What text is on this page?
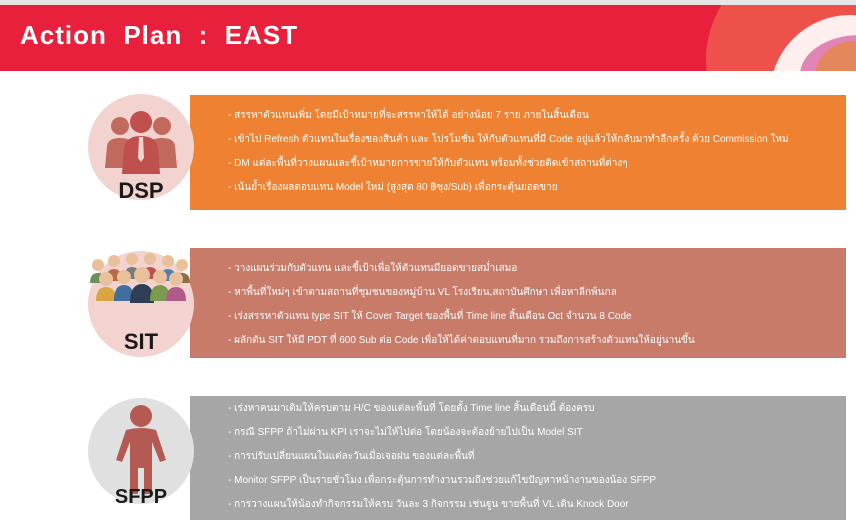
Action  Plan  :  EAST
- สรรหาตัวแทนเพิ่ม โดยมีเป้าหมายที่จะสรรหาให้ได้ อย่างน้อย 7 ราย ภายในสิ้นเดือน
- เข้าไป Refresh ตัวแทนในเรื่องของสินค้า และ โปรโมชั่น ให้กับตัวแทนที่มี Code อยู่แล้วให้กลับมาทำอีกครั้ง ด้วย Commission ใหม่
- DM แต่ละพื้นที่วางแผนและชี้เป้าหมายการขายให้กับตัวแทน พร้อมทั้งช่วยติดเข้าสถานที่ต่างๆ
- เน้นย้ำเรื่องผลตอบแทน Model ใหม่ (สูงสุด 80 ฿ซุง/Sub) เพื่อกระตุ้นยอดขาย
DSP
- วางแผนร่วมกับตัวแทน และชี้เป้าเพื่อให้ตัวแทนมียอดขายสม่ำเสมอ
- หาพื้นที่ใหม่ๆ เข้าตามสถานที่ชุมชนของหมู่บ้าน VL โรงเรียน,สถาบันศึกษา เพื่อหาลีกพ้นกล
- เร่งสรรหาตัวแทน type SIT ให้ Cover Target ของพื้นที่ Time line สิ้นเดือน Oct จำนวน 8 Code
- ผลักดัน SIT ให้มี PDT ที่ 600 Sub ต่อ Code เพื่อให้ได้ค่าตอบแทนที่มาก รวมถึงการสร้างตัวแทนให้อยู่นานขึ้น
SIT
- เร่งหาคนมาเติมให้ครบตาม H/C ของแต่ละพื้นที่ โดยตั้ง Time line สิ้นเดือนนี้ ต้องครบ
- กรณี SFPP ถ้าไม่ผ่าน KPI เราจะไม่ให้ไปต่อ โดยน้องจะต้องย้ายไปเป็น Model SIT
- การปรับเปลี่ยนแผนในแต่ละวันเมื่อเจอฝน ของแต่ละพื้นที่
- Monitor SFPP เป็นรายชั่วโมง เพื่อกระตุ้นการทำงานรวมถึงช่วยแก้ไขปัญหาหน้างานของน้อง SFPP
- การวางแผนให้น้องทำกิจกรรมให้ครบ วันละ 3 กิจกรรม เช่นฐูน ขายพื้นที่ VL เดิน Knock Door
SFPP
